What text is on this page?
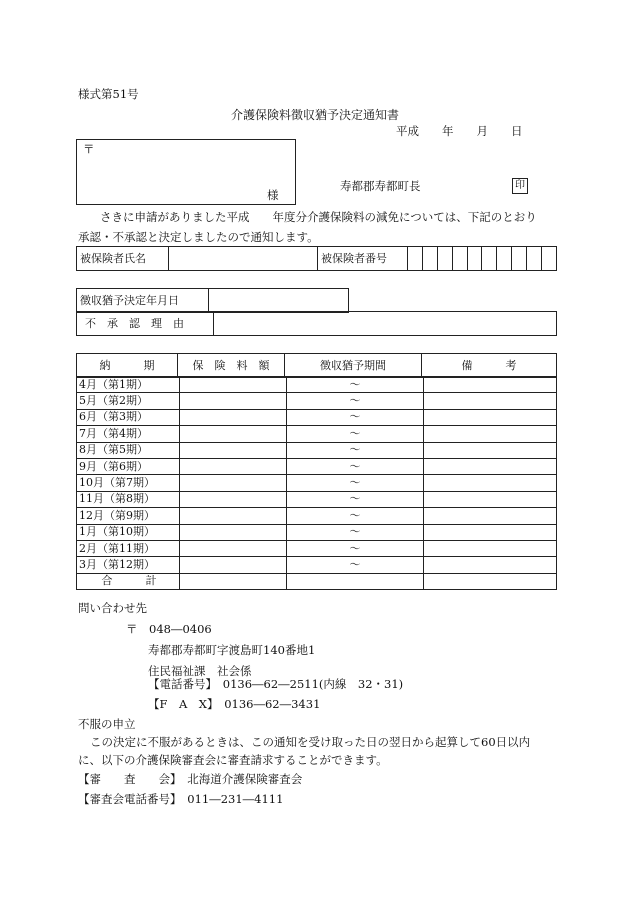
様式第51号
介護保険料徴収猶予決定通知書
平成　　年　　月　　日
〒
様
寿都郡寿都町長	印
さきに申請がありました平成　　年度分介護保険料の減免については、下記のとおり
承認・不承認と決定しましたので通知します。
被保険者氏名		被保険者番号										
徴収猶予決定年月日	
不　承　認　理　由	
納　　　期	保　険　料　額	徴収猶予期間	備　　　考
4月（第1期）		～	
5月（第2期）		～	
6月（第3期）		～	
7月（第4期）		～	
8月（第5期）		～	
9月（第6期）		～	
10月（第7期）		～	
11月（第8期）		～	
12月（第9期）		～	
1月（第10期）		～	
2月（第11期）		～	
3月（第12期）		～	
合　　　計			
問い合わせ先
〒　048―0406
寿都郡寿都町字渡島町140番地1
住民福祉課　社会係
【電話番号】　0136―62―2511(内線　32・31)
【F　A　X】　0136―62―3431
不服の申立
この決定に不服があるときは、この通知を受け取った日の翌日から起算して60日以内
に、以下の介護保険審査会に審査請求することができます。
【審　　査　　会】　北海道介護保険審査会
【審査会電話番号】　011―231―4111
